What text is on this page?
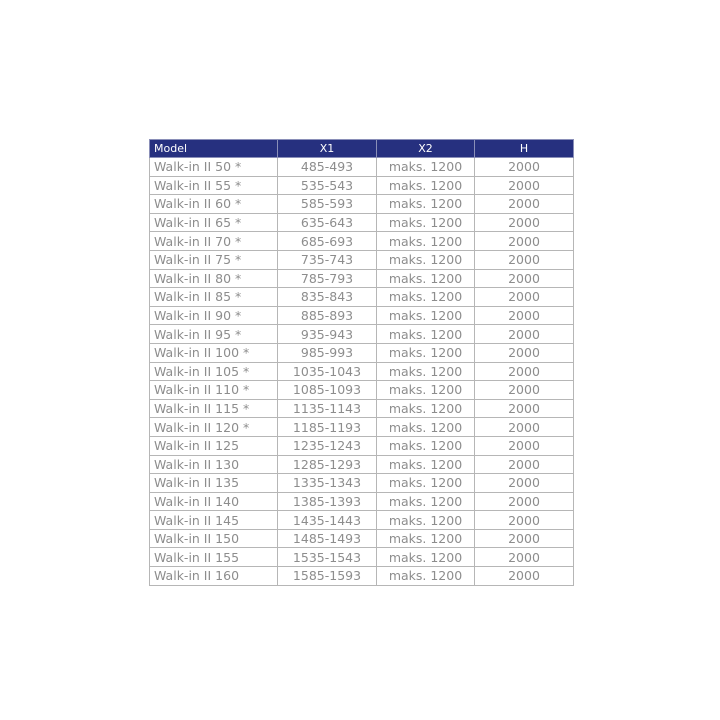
Model	X1	X2	H
Walk-in II 50 *	485-493	maks. 1200	2000
Walk-in II 55 *	535-543	maks. 1200	2000
Walk-in II 60 *	585-593	maks. 1200	2000
Walk-in II 65 *	635-643	maks. 1200	2000
Walk-in II 70 *	685-693	maks. 1200	2000
Walk-in II 75 *	735-743	maks. 1200	2000
Walk-in II 80 *	785-793	maks. 1200	2000
Walk-in II 85 *	835-843	maks. 1200	2000
Walk-in II 90 *	885-893	maks. 1200	2000
Walk-in II 95 *	935-943	maks. 1200	2000
Walk-in II 100 *	985-993	maks. 1200	2000
Walk-in II 105 *	1035-1043	maks. 1200	2000
Walk-in II 110 *	1085-1093	maks. 1200	2000
Walk-in II 115 *	1135-1143	maks. 1200	2000
Walk-in II 120 *	1185-1193	maks. 1200	2000
Walk-in II 125	1235-1243	maks. 1200	2000
Walk-in II 130	1285-1293	maks. 1200	2000
Walk-in II 135	1335-1343	maks. 1200	2000
Walk-in II 140	1385-1393	maks. 1200	2000
Walk-in II 145	1435-1443	maks. 1200	2000
Walk-in II 150	1485-1493	maks. 1200	2000
Walk-in II 155	1535-1543	maks. 1200	2000
Walk-in II 160	1585-1593	maks. 1200	2000
